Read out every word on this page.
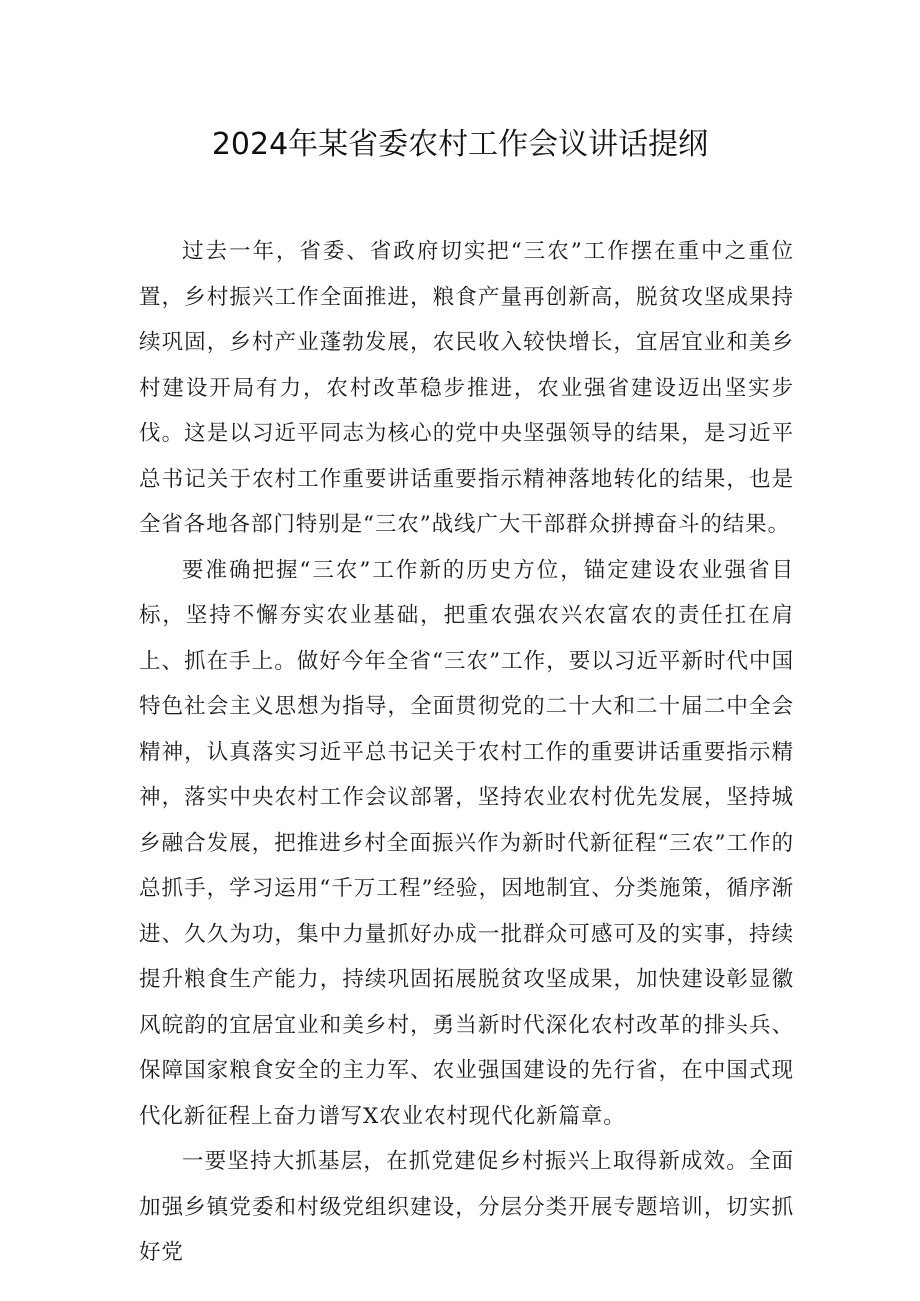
2024年某省委农村工作会议讲话提纲

过去一年，省委、省政府切实把“三农”工作摆在重中之重位置，乡村振兴工作全面推进，粮食产量再创新高，脱贫攻坚成果持续巩固，乡村产业蓬勃发展，农民收入较快增长，宜居宜业和美乡村建设开局有力，农村改革稳步推进，农业强省建设迈出坚实步伐。这是以习近平同志为核心的党中央坚强领导的结果，是习近平总书记关于农村工作重要讲话重要指示精神落地转化的结果，也是全省各地各部门特别是“三农”战线广大干部群众拼搏奋斗的结果。

要准确把握“三农”工作新的历史方位，锚定建设农业强省目标，坚持不懈夯实农业基础，把重农强农兴农富农的责任扛在肩上、抓在手上。做好今年全省“三农”工作，要以习近平新时代中国特色社会主义思想为指导，全面贯彻党的二十大和二十届二中全会精神，认真落实习近平总书记关于农村工作的重要讲话重要指示精神，落实中央农村工作会议部署，坚持农业农村优先发展，坚持城乡融合发展，把推进乡村全面振兴作为新时代新征程“三农”工作的总抓手，学习运用“千万工程”经验，因地制宜、分类施策，循序渐进、久久为功，集中力量抓好办成一批群众可感可及的实事，持续提升粮食生产能力，持续巩固拓展脱贫攻坚成果，加快建设彰显徽风皖韵的宜居宜业和美乡村，勇当新时代深化农村改革的排头兵、保障国家粮食安全的主力军、农业强国建设的先行省，在中国式现代化新征程上奋力谱写X农业农村现代化新篇章。

一要坚持大抓基层，在抓党建促乡村振兴上取得新成效。全面加强乡镇党委和村级党组织建设，分层分类开展专题培训，切实抓好党
